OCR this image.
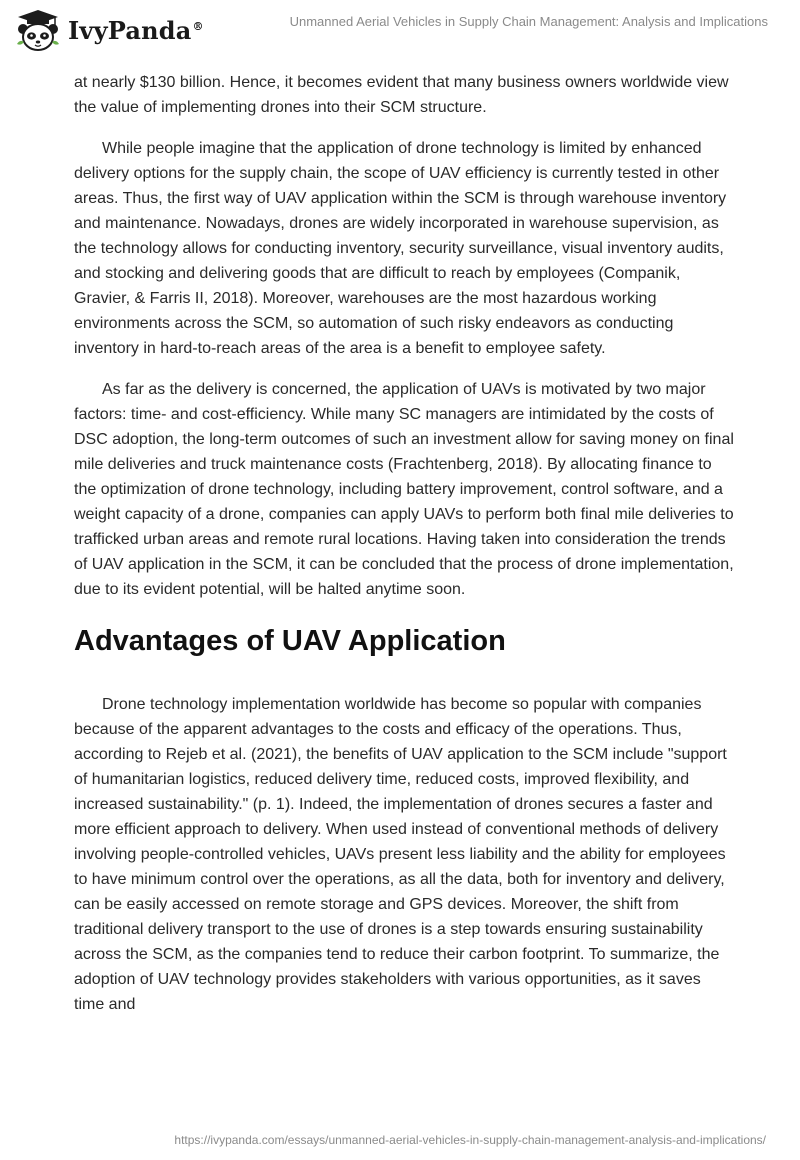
IvyPanda®	Unmanned Aerial Vehicles in Supply Chain Management: Analysis and Implications

at nearly $130 billion. Hence, it becomes evident that many business owners worldwide view the value of implementing drones into their SCM structure.

While people imagine that the application of drone technology is limited by enhanced delivery options for the supply chain, the scope of UAV efficiency is currently tested in other areas. Thus, the first way of UAV application within the SCM is through warehouse inventory and maintenance. Nowadays, drones are widely incorporated in warehouse supervision, as the technology allows for conducting inventory, security surveillance, visual inventory audits, and stocking and delivering goods that are difficult to reach by employees (Companik, Gravier, & Farris II, 2018). Moreover, warehouses are the most hazardous working environments across the SCM, so automation of such risky endeavors as conducting inventory in hard-to-reach areas of the area is a benefit to employee safety.

As far as the delivery is concerned, the application of UAVs is motivated by two major factors: time- and cost-efficiency. While many SC managers are intimidated by the costs of DSC adoption, the long-term outcomes of such an investment allow for saving money on final mile deliveries and truck maintenance costs (Frachtenberg, 2018). By allocating finance to the optimization of drone technology, including battery improvement, control software, and a weight capacity of a drone, companies can apply UAVs to perform both final mile deliveries to trafficked urban areas and remote rural locations. Having taken into consideration the trends of UAV application in the SCM, it can be concluded that the process of drone implementation, due to its evident potential, will be halted anytime soon.

Advantages of UAV Application

Drone technology implementation worldwide has become so popular with companies because of the apparent advantages to the costs and efficacy of the operations. Thus, according to Rejeb et al. (2021), the benefits of UAV application to the SCM include "support of humanitarian logistics, reduced delivery time, reduced costs, improved flexibility, and increased sustainability." (p. 1). Indeed, the implementation of drones secures a faster and more efficient approach to delivery. When used instead of conventional methods of delivery involving people-controlled vehicles, UAVs present less liability and the ability for employees to have minimum control over the operations, as all the data, both for inventory and delivery, can be easily accessed on remote storage and GPS devices. Moreover, the shift from traditional delivery transport to the use of drones is a step towards ensuring sustainability across the SCM, as the companies tend to reduce their carbon footprint. To summarize, the adoption of UAV technology provides stakeholders with various opportunities, as it saves time and

https://ivypanda.com/essays/unmanned-aerial-vehicles-in-supply-chain-management-analysis-and-implications/
